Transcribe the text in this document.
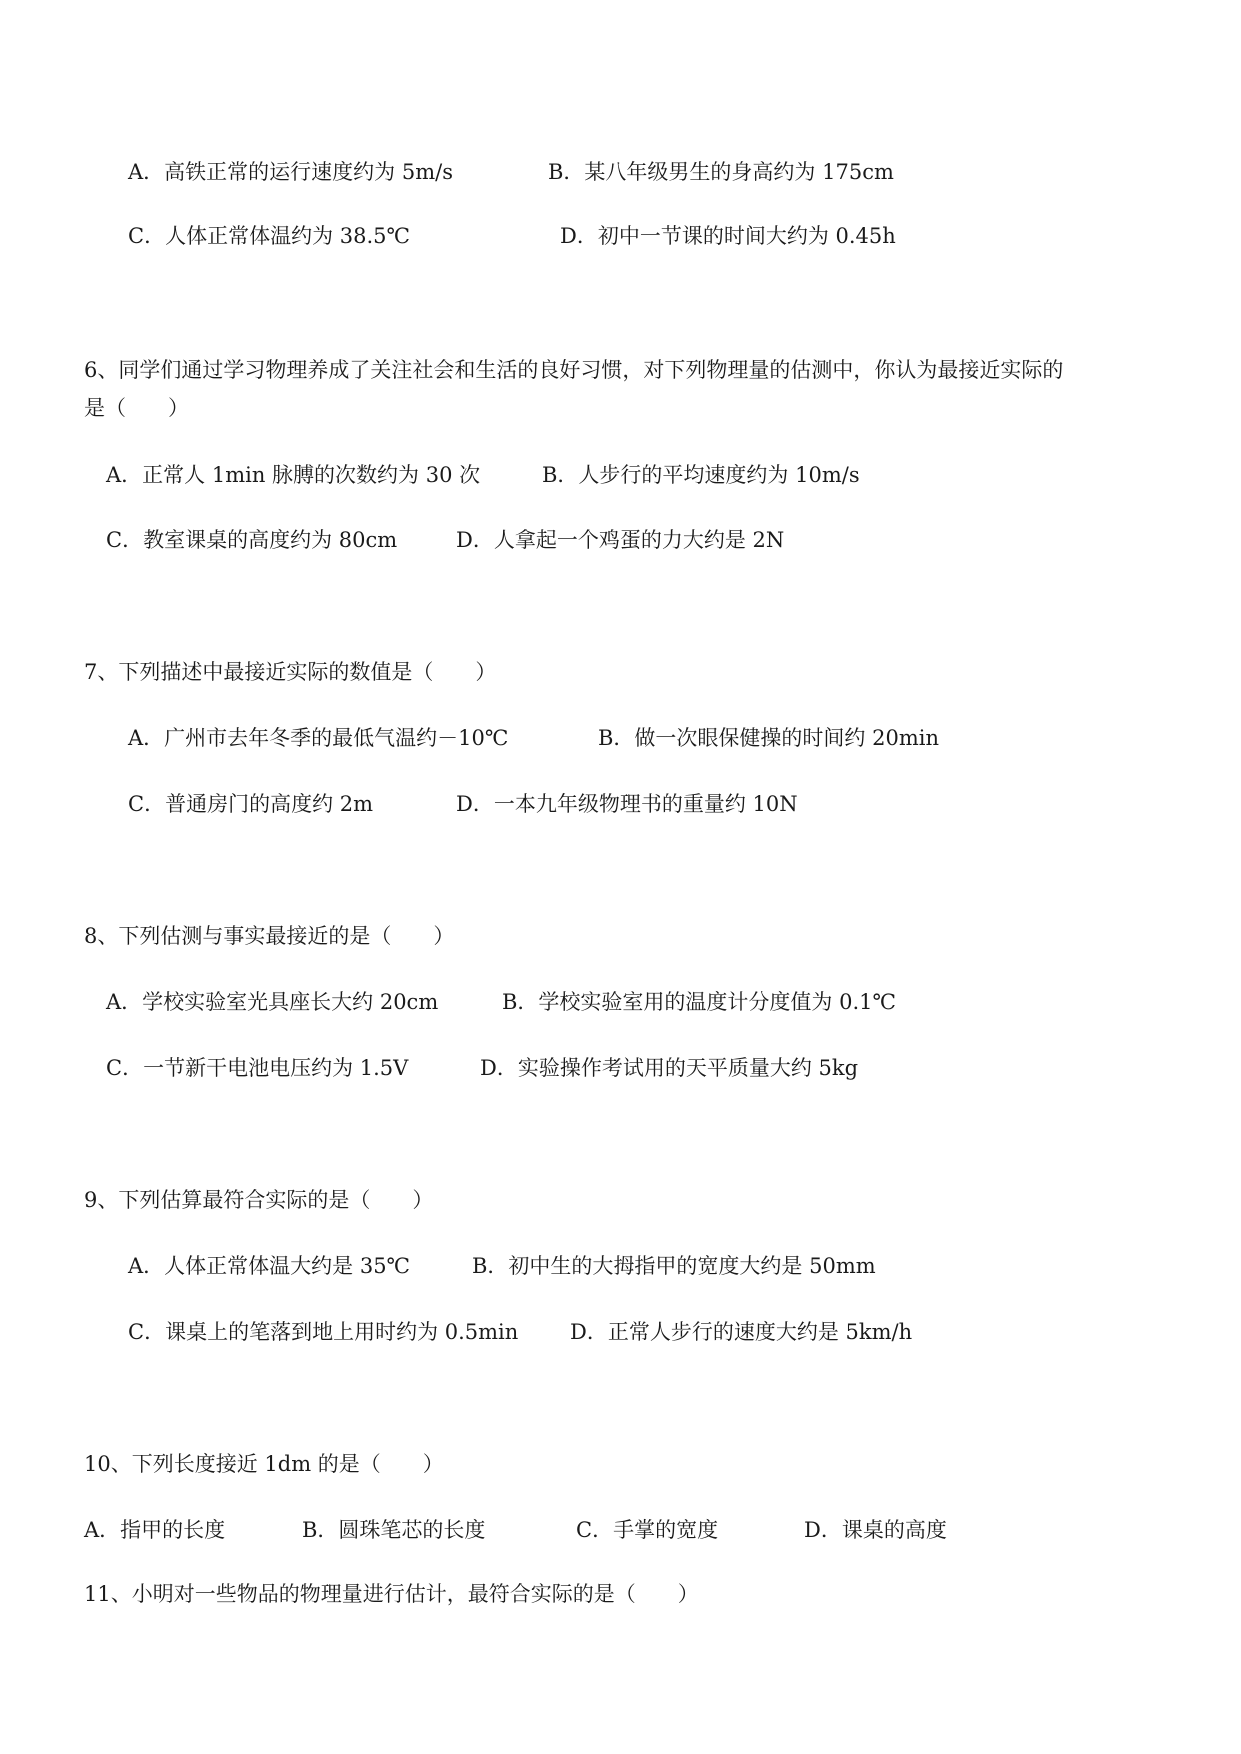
A．高铁正常的运行速度约为 5m/s	B．某八年级男生的身高约为 175cm
C．人体正常体温约为 38.5℃	D．初中一节课的时间大约为 0.45h
6、同学们通过学习物理养成了关注社会和生活的良好习惯，对下列物理量的估测中，你认为最接近实际的
是（　　）
A．正常人 1min 脉膊的次数约为 30 次	B．人步行的平均速度约为 10m/s
C．教室课桌的高度约为 80cm	D．人拿起一个鸡蛋的力大约是 2N
7、下列描述中最接近实际的数值是（　　）
A．广州市去年冬季的最低气温约－10℃	B．做一次眼保健操的时间约 20min
C．普通房门的高度约 2m	D．一本九年级物理书的重量约 10N
8、下列估测与事实最接近的是（　　）
A．学校实验室光具座长大约 20cm	B．学校实验室用的温度计分度值为 0.1℃
C．一节新干电池电压约为 1.5V	D．实验操作考试用的天平质量大约 5kg
9、下列估算最符合实际的是（　　）
A．人体正常体温大约是 35℃	B．初中生的大拇指甲的宽度大约是 50mm
C．课桌上的笔落到地上用时约为 0.5min D．正常人步行的速度大约是 5km/h
10、下列长度接近 1dm 的是（　　）
A．指甲的长度	B．圆珠笔芯的长度	C．手掌的宽度	D．课桌的高度
11、小明对一些物品的物理量进行估计，最符合实际的是（　　）
